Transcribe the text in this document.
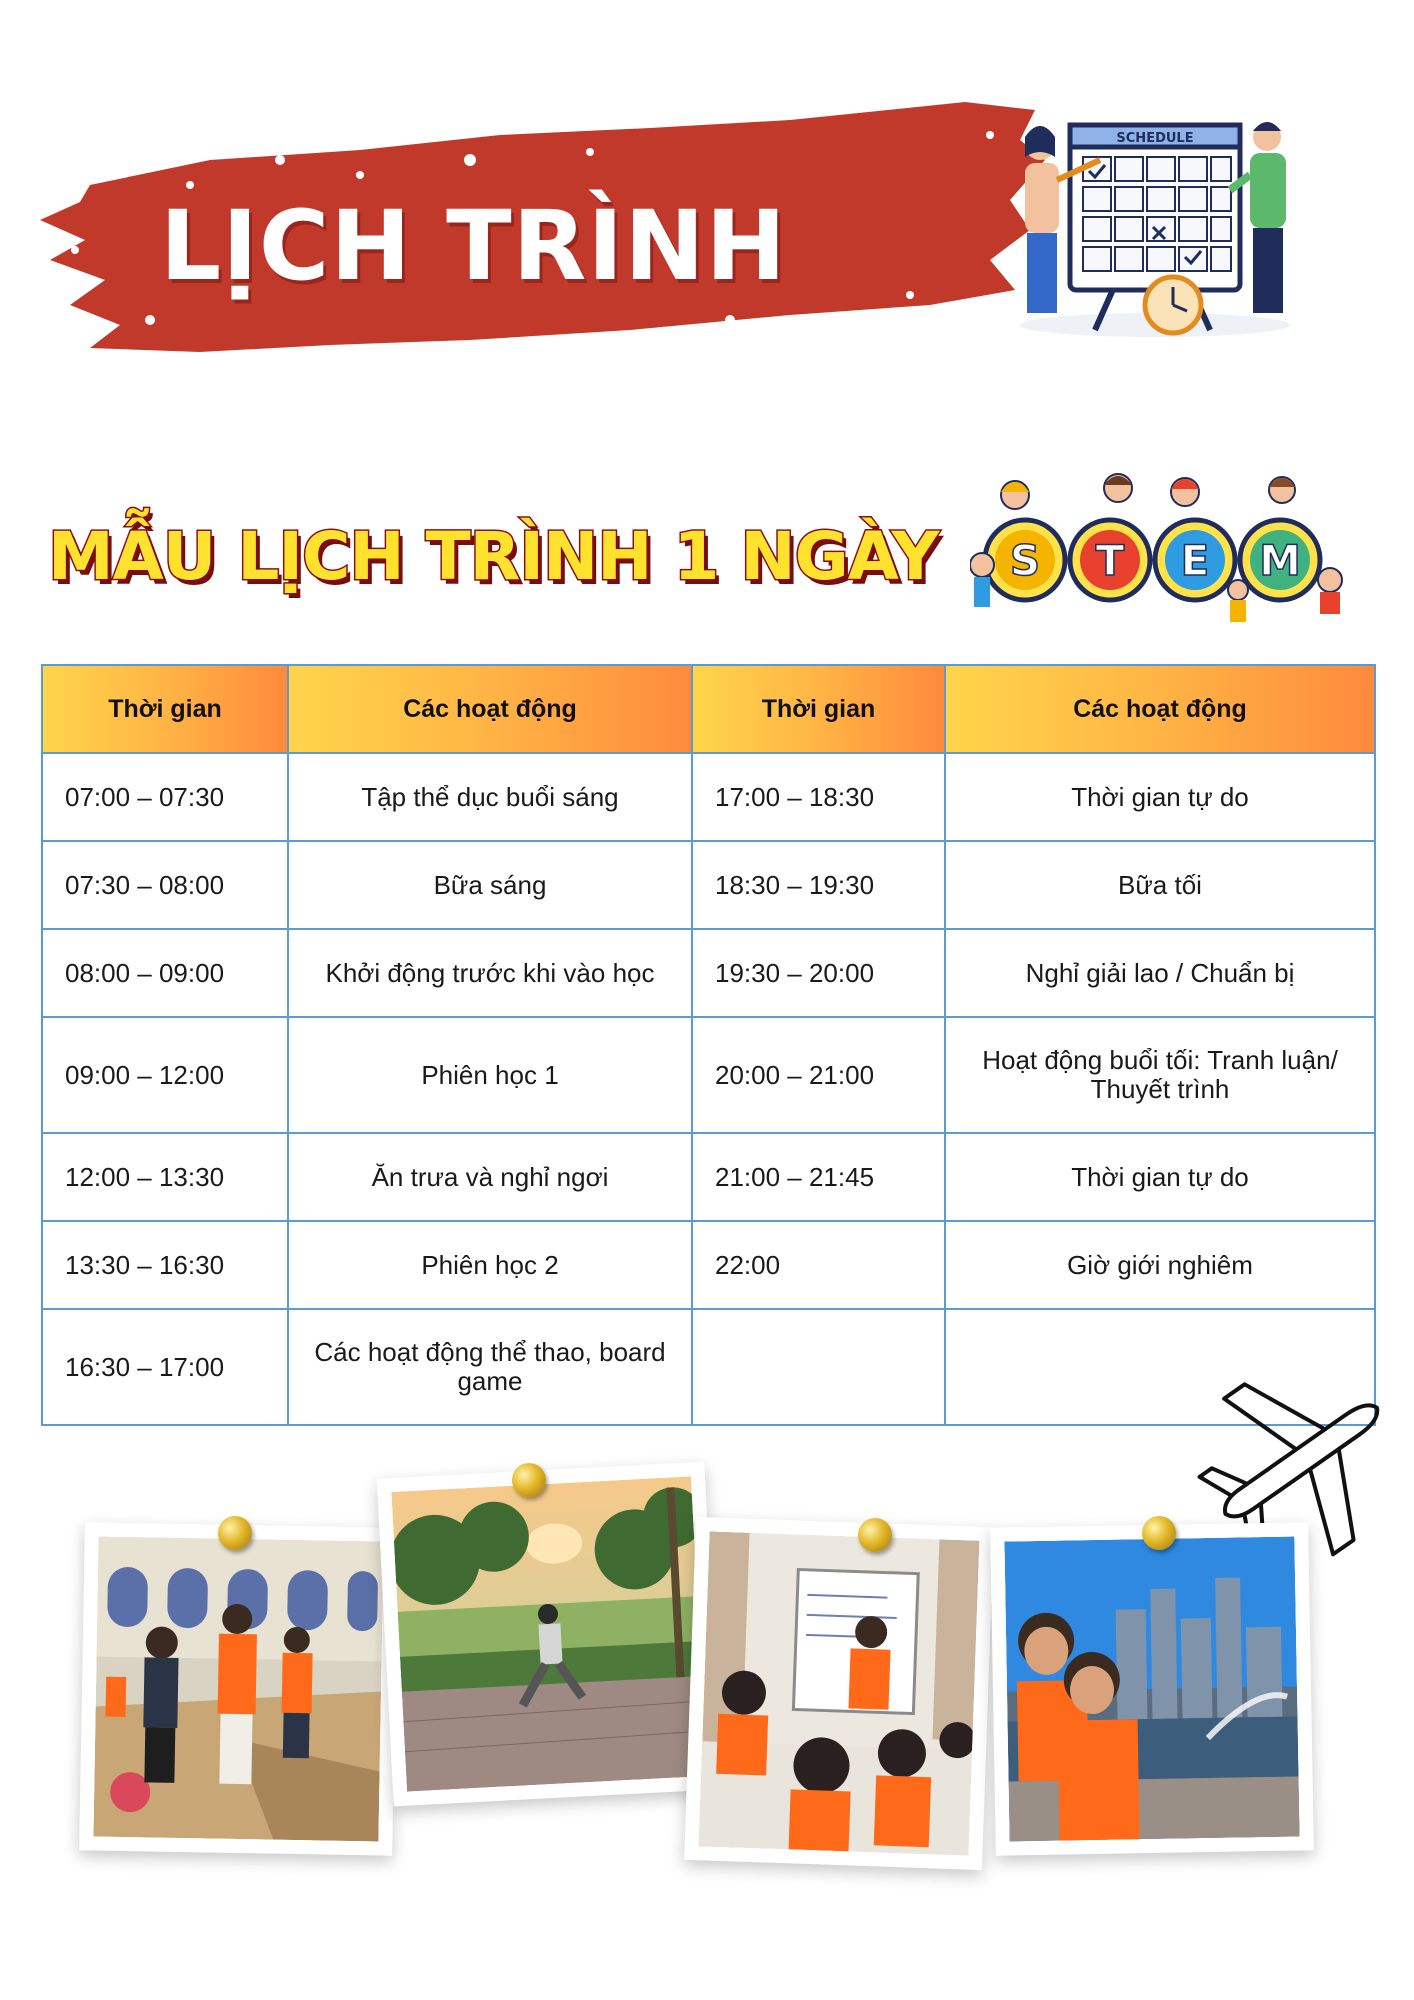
LỊCH TRÌNH
SCHEDULE
MẪU LỊCH TRÌNH 1 NGÀY S T E M
Thời gian	Các hoạt động	Thời gian	Các hoạt động
07:00 – 07:30	Tập thể dục buổi sáng	17:00 – 18:30	Thời gian tự do
07:30 – 08:00	Bữa sáng	18:30 – 19:30	Bữa tối
08:00 – 09:00	Khởi động trước khi vào học	19:30 – 20:00	Nghỉ giải lao / Chuẩn bị
09:00 – 12:00	Phiên học 1	20:00 – 21:00	Hoạt động buổi tối: Tranh luận/ Thuyết trình
12:00 – 13:30	Ăn trưa và nghỉ ngơi	21:00 – 21:45	Thời gian tự do
13:30 – 16:30	Phiên học 2	22:00	Giờ giới nghiêm
16:30 – 17:00	Các hoạt động thể thao, board game		
